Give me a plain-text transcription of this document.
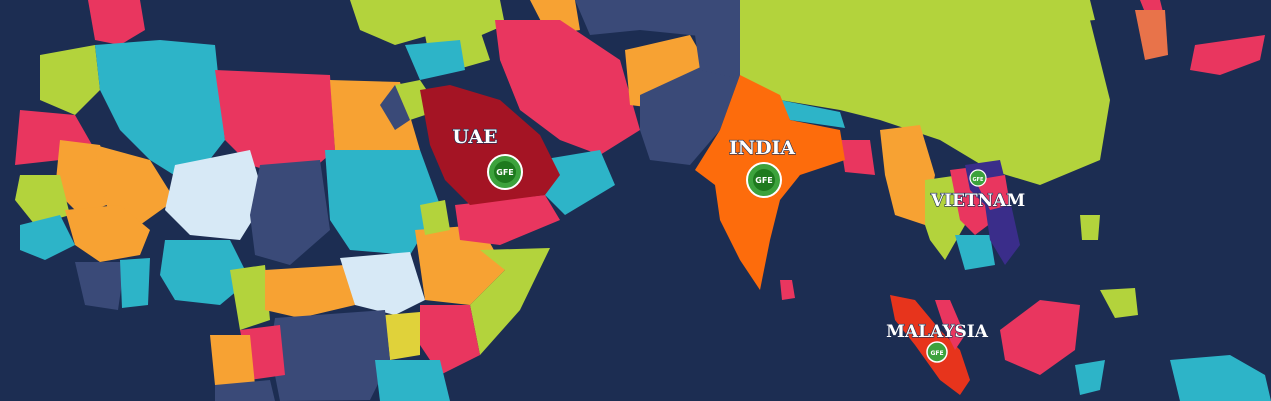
UAE
GFE
INDIA
GFE	GFE
VIETNAM
MALAYSIA
GFE
